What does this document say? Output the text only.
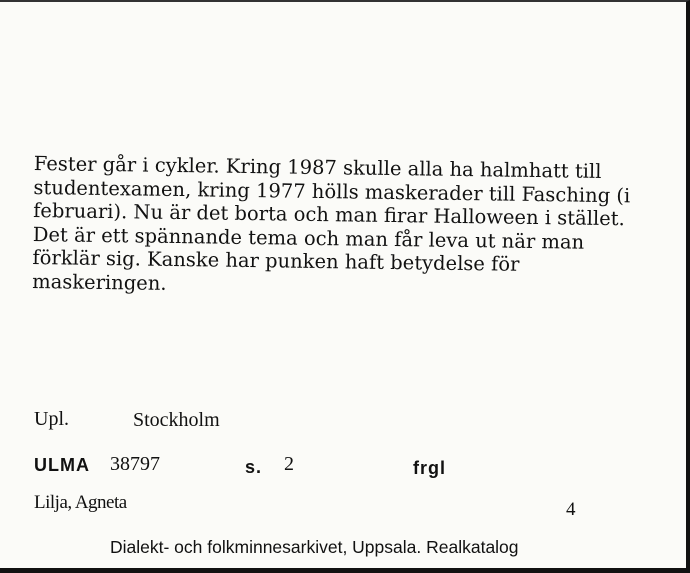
Fester går i cykler. Kring 1987 skulle alla ha halmhatt till
studentexamen, kring 1977 hölls maskerader till Fasching (i
februari). Nu är det borta och man firar Halloween i stället.
Det är ett spännande tema och man får leva ut när man
förklär sig. Kanske har punken haft betydelse för
maskeringen.
Upl.	Stockholm
ULMA 38797	s. 2	frgl
Lilja, Agneta	4
Dialekt- och folkminnesarkivet, Uppsala. Realkatalog
